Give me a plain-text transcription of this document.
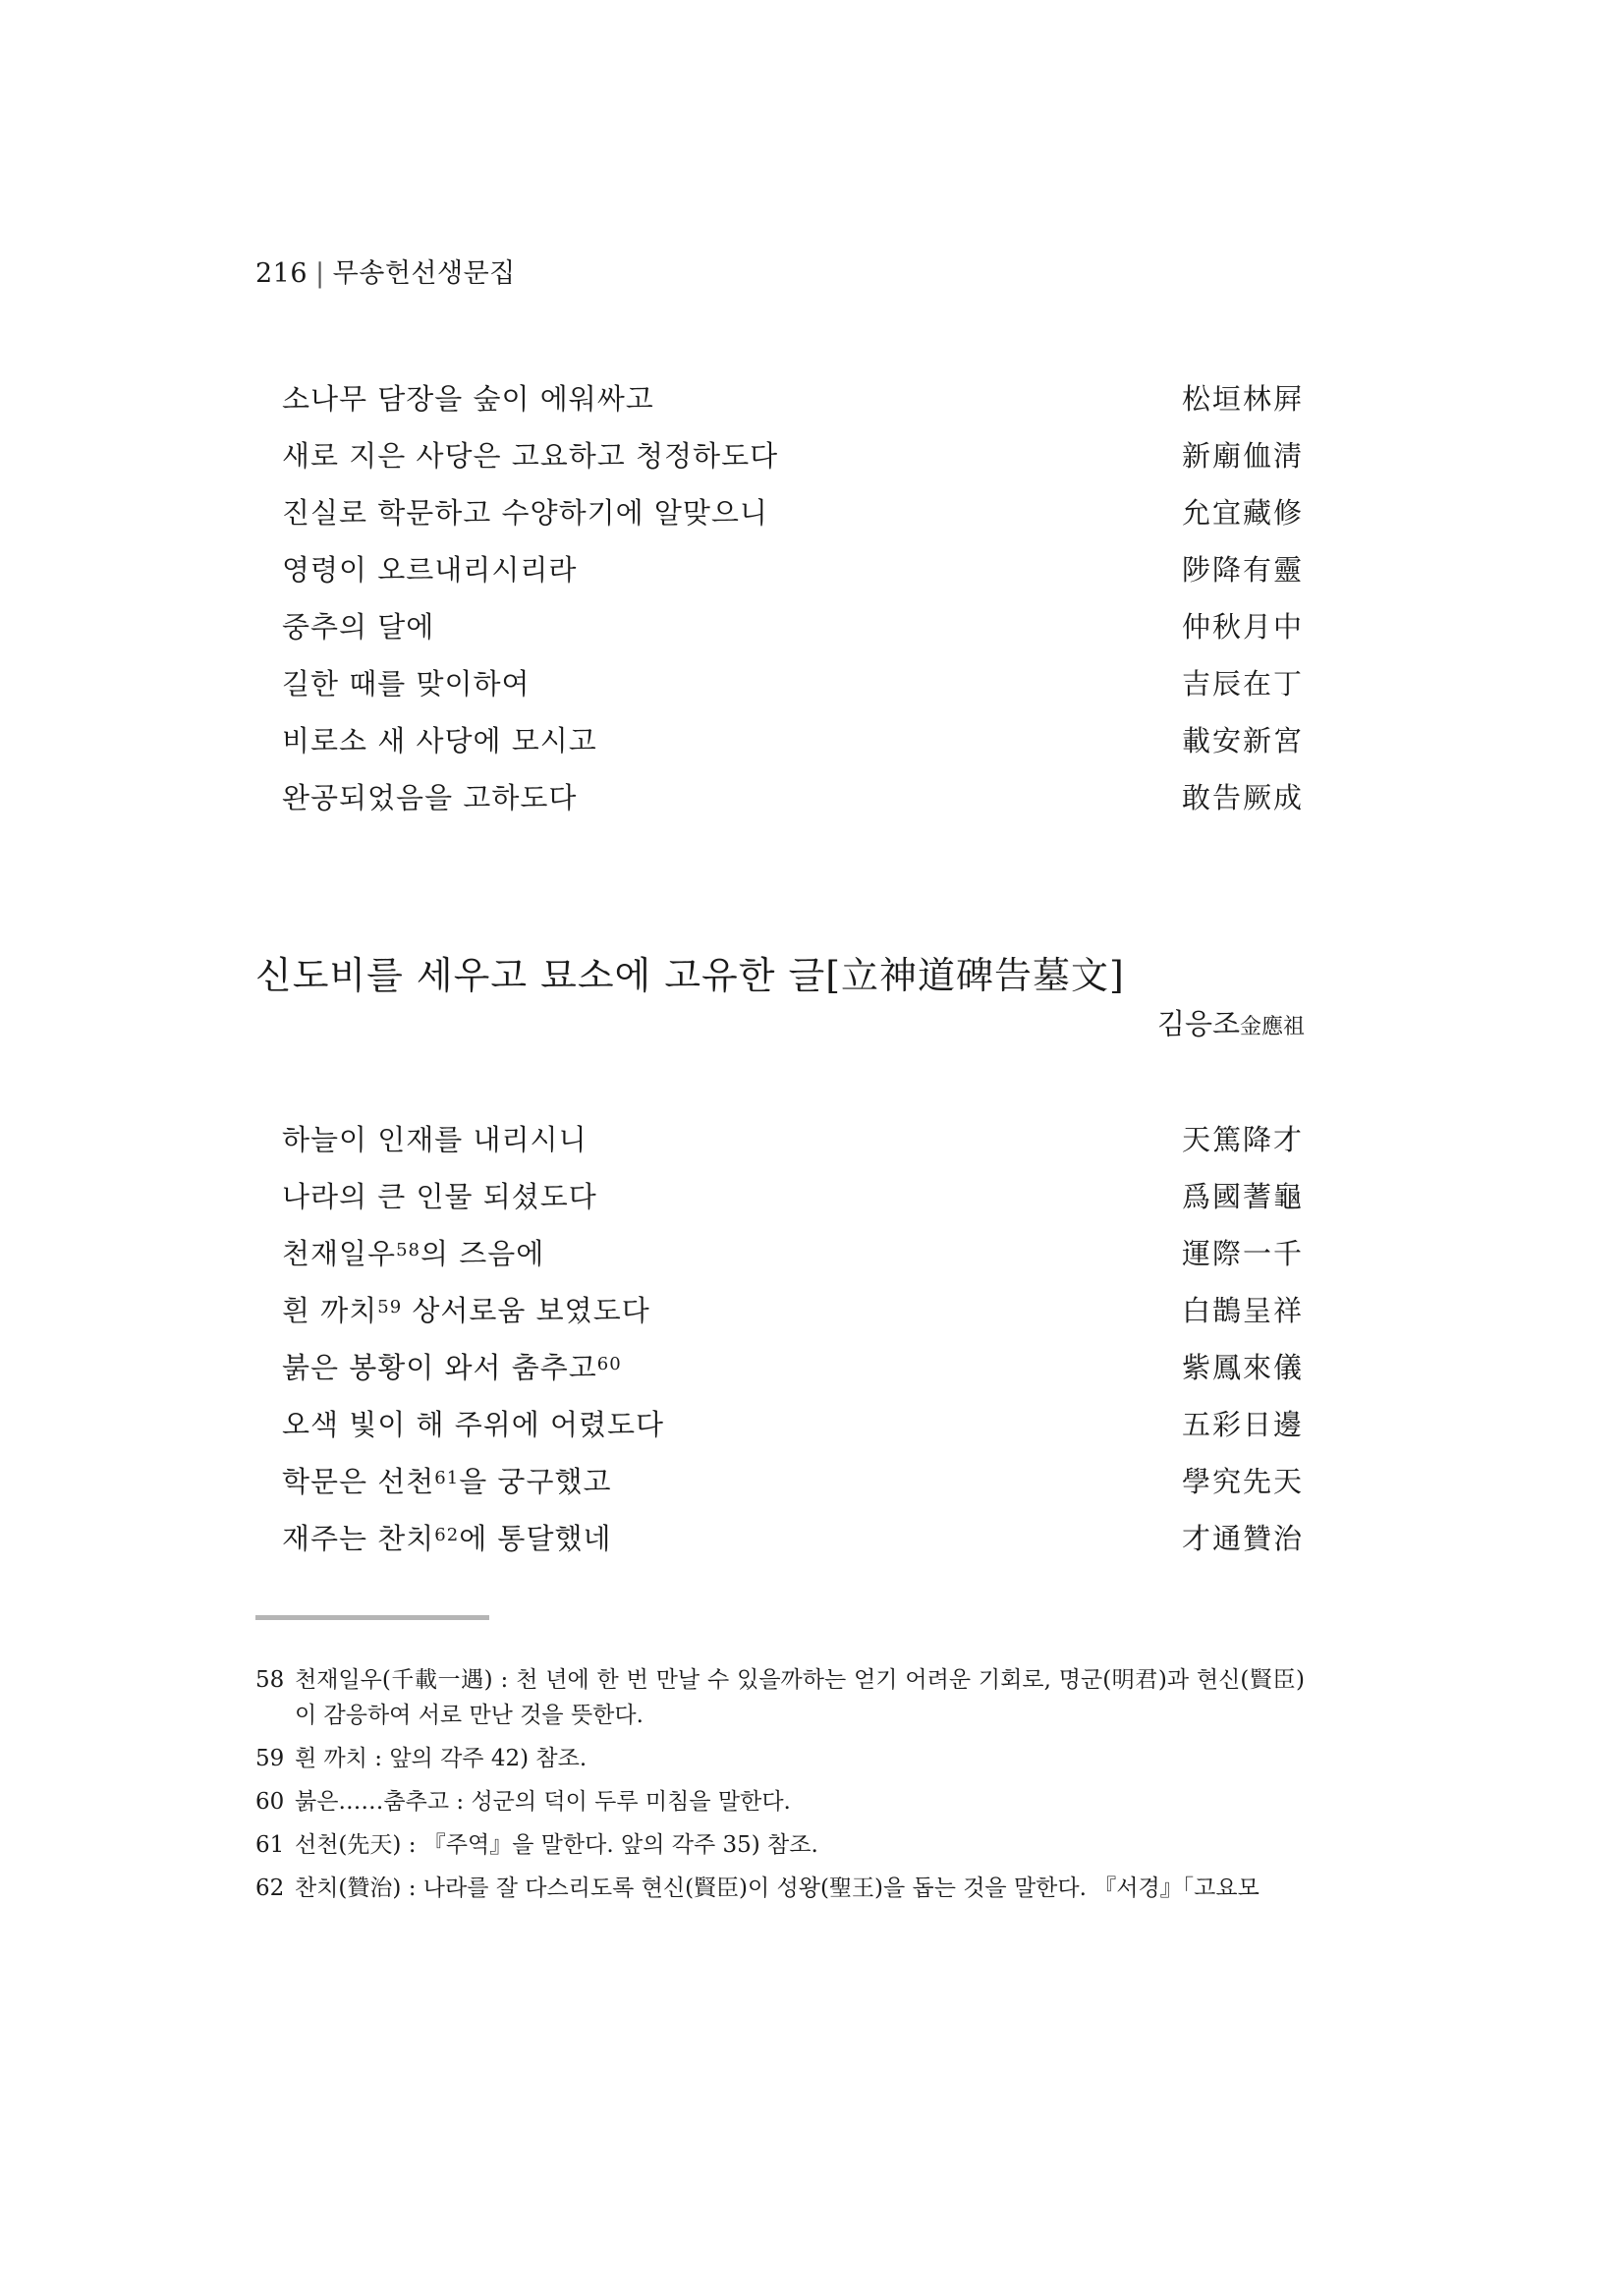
216 | 무송헌선생문집
소나무 담장을 숲이 에워싸고	松垣林屛
새로 지은 사당은 고요하고 청정하도다	新廟侐淸
진실로 학문하고 수양하기에 알맞으니	允宜藏修
영령이 오르내리시리라	陟降有靈
중추의 달에	仲秋月中
길한 때를 맞이하여	吉辰在丁
비로소 새 사당에 모시고	載安新宮
완공되었음을 고하도다	敢告厥成
신도비를 세우고 묘소에 고유한 글[立神道碑告墓文]
김응조金應祖
하늘이 인재를 내리시니	天篤降才
나라의 큰 인물 되셨도다	爲國蓍龜
천재일우$^{58}$의 즈음에	運際一千
흰 까치$^{59}$ 상서로움 보였도다	白鵲呈祥
붉은 봉황이 와서 춤추고$^{60}$	紫鳳來儀
오색 빛이 해 주위에 어렸도다	五彩日邊
학문은 선천$^{61}$을 궁구했고	學究先天
재주는 찬치$^{62}$에 통달했네	才通贊治
58 천재일우(千載一遇) : 천 년에 한 번 만날 수 있을까하는 얻기 어려운 기회로, 명군(明君)과 현신(賢臣)이 감응하여 서로 만난 것을 뜻한다.
59 흰 까치 : 앞의 각주 42) 참조.
60 붉은……춤추고 : 성군의 덕이 두루 미침을 말한다.
61 선천(先天) : 『주역』을 말한다. 앞의 각주 35) 참조.
62 찬치(贊治) : 나라를 잘 다스리도록 현신(賢臣)이 성왕(聖王)을 돕는 것을 말한다. 『서경』「고요모
